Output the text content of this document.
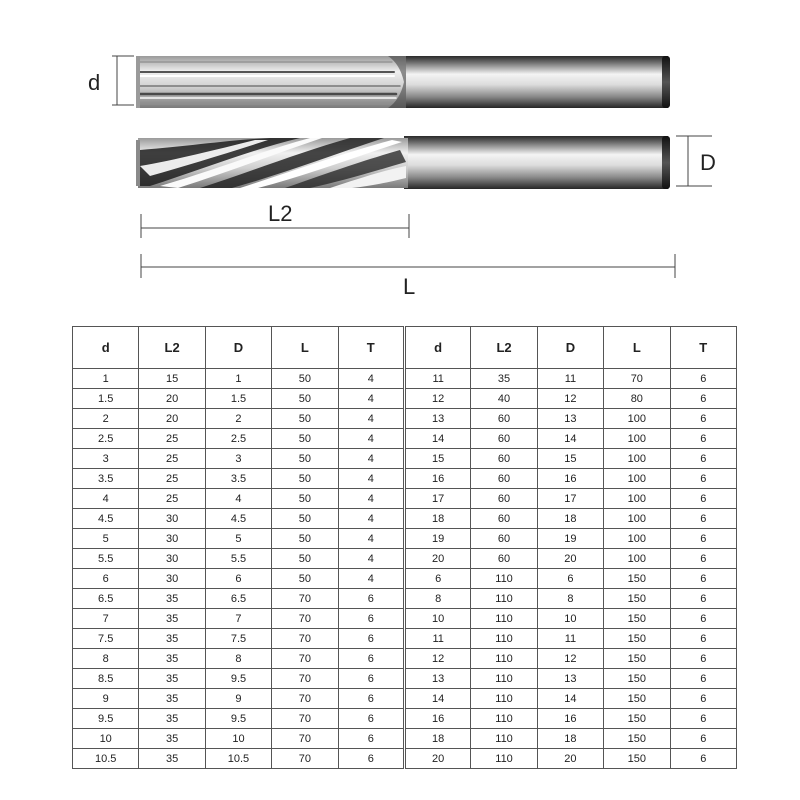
d
D
L2
L
d	L2	D	L	T	d	L2	D	L	T
1	15	1	50	4	11	35	11	70	6
1.5	20	1.5	50	4	12	40	12	80	6
2	20	2	50	4	13	60	13	100	6
2.5	25	2.5	50	4	14	60	14	100	6
3	25	3	50	4	15	60	15	100	6
3.5	25	3.5	50	4	16	60	16	100	6
4	25	4	50	4	17	60	17	100	6
4.5	30	4.5	50	4	18	60	18	100	6
5	30	5	50	4	19	60	19	100	6
5.5	30	5.5	50	4	20	60	20	100	6
6	30	6	50	4	6	110	6	150	6
6.5	35	6.5	70	6	8	110	8	150	6
7	35	7	70	6	10	110	10	150	6
7.5	35	7.5	70	6	11	110	11	150	6
8	35	8	70	6	12	110	12	150	6
8.5	35	9.5	70	6	13	110	13	150	6
9	35	9	70	6	14	110	14	150	6
9.5	35	9.5	70	6	16	110	16	150	6
10	35	10	70	6	18	110	18	150	6
10.5	35	10.5	70	6	20	110	20	150	6
